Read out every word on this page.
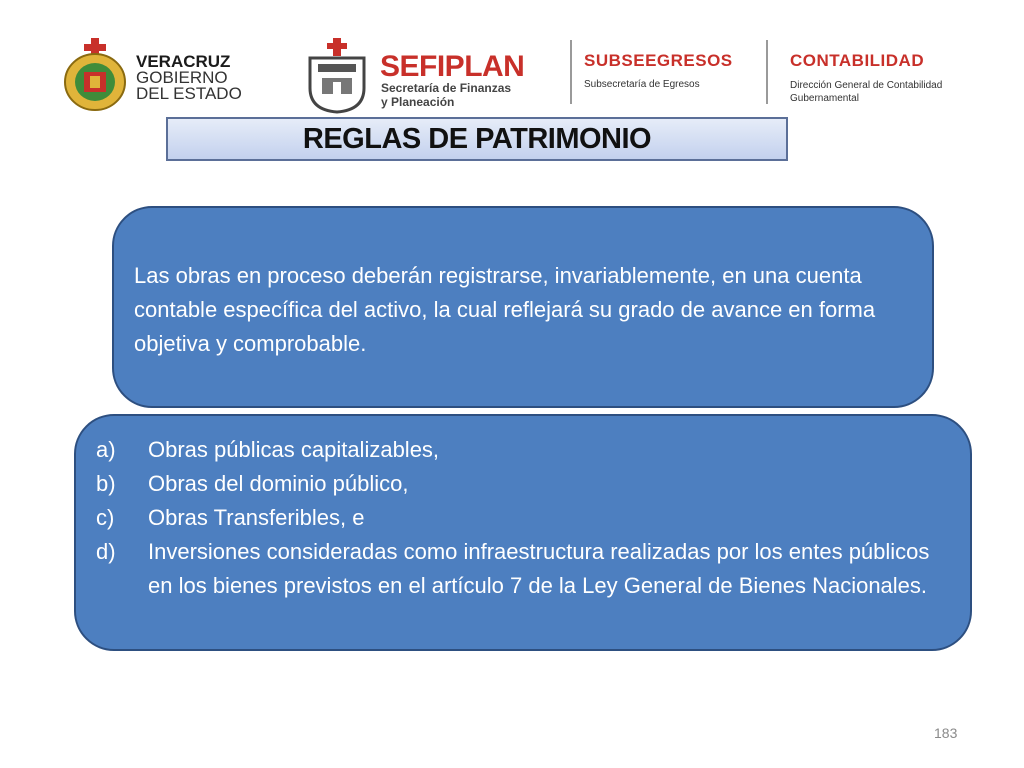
VERACRUZ
GOBIERNO
DEL ESTADO
SEFIPLAN
Secretaría de Finanzas
y Planeación
SUBSEEGRESOS
Subsecretaría de Egresos
CONTABILIDAD
Dirección General de Contabilidad
Gubernamental
REGLAS DE PATRIMONIO

Las obras en proceso deberán registrarse, invariablemente, en una cuenta contable específica del activo, la cual reflejará su grado de avance en forma objetiva y comprobable.

a)	Obras públicas capitalizables,
b)	Obras del dominio público,
c)	Obras Transferibles, e
d)	Inversiones consideradas como infraestructura realizadas por los entes públicos en los bienes previstos en el artículo 7 de la Ley General de Bienes Nacionales.
183
